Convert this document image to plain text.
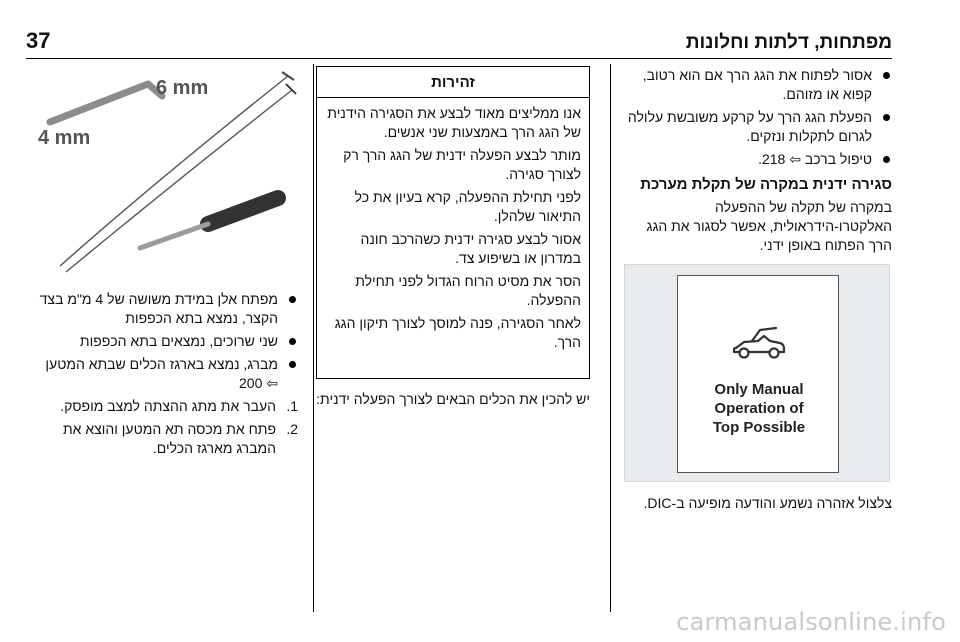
37	מפתחות, דלתות וחלונות
אסור לפתוח את הגג הרך אם הוא רטוב, קפוא או מזוהם.
הפעלת הגג הרך על קרקע משובשת עלולה לגרום לתקלות ונזקים.
טיפול ברכב ⇦ 218.
סגירה ידנית במקרה של תקלת מערכת

במקרה של תקלה של ההפעלה האלקטרו-הידראולית, אפשר לסגור את הגג הרך הפתוח באופן ידני.

Only Manual
Operation of
Top Possible

צלצול אזהרה נשמע והודעה מופיעה ב-DIC.

זהירות

אנו ממליצים מאוד לבצע את הסגירה הידנית של הגג הרך באמצעות שני אנשים.

מותר לבצע הפעלה ידנית של הגג הרך רק לצורך סגירה.

לפני תחילת ההפעלה, קרא בעיון את כל התיאור שלהלן.

אסור לבצע סגירה ידנית כשהרכב חונה במדרון או בשיפוע צד.

הסר את מסיט הרוח הגדול לפני תחילת ההפעלה.

לאחר הסגירה, פנה למוסך לצורך תיקון הגג הרך.

יש להכין את הכלים הבאים לצורך הפעלה ידנית:

6 mm
4 mm
מפתח אלן במידת משושה של 4 מ"מ בצד הקצר, נמצא בתא הכפפות
שני שרוכים, נמצאים בתא הכפפות
מברג, נמצא בארגז הכלים שבתא המטען ⇦ 200
1.
העבר את מתג ההצתה למצב מופסק.
2.
פתח את מכסה תא המטען והוצא את המברג מארגז הכלים.
carmanualsonline.info
